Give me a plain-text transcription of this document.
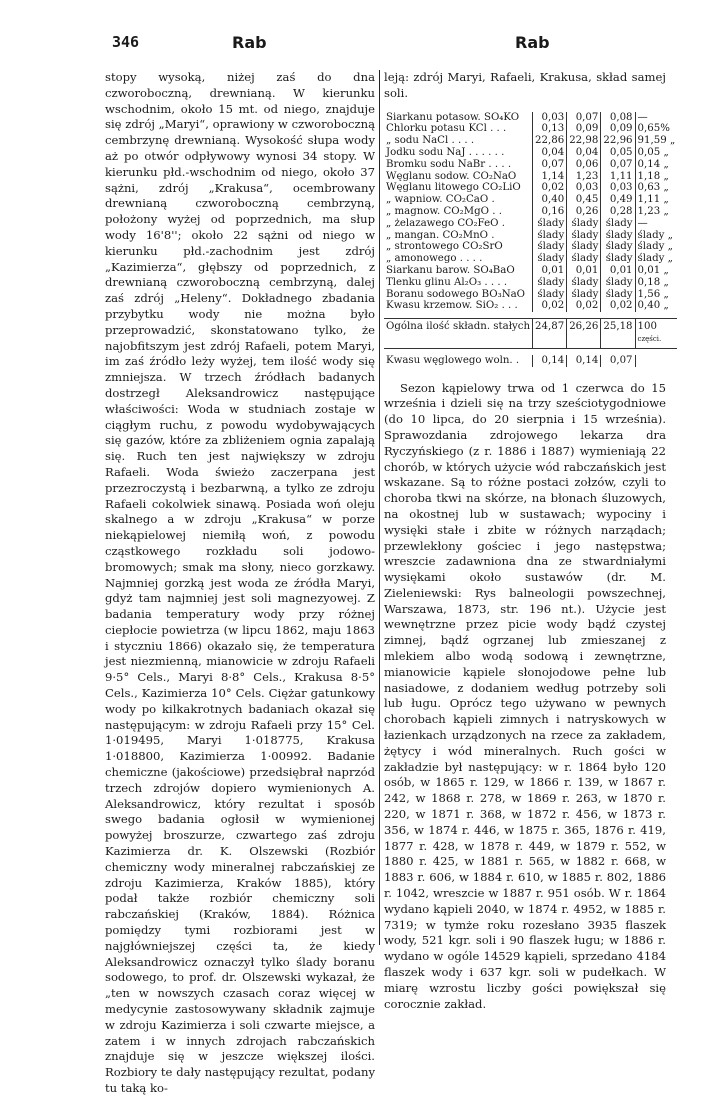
346	Rab	Rab

stopy wysoką, niżej zaś do dna czworoboczną, drewnianą. W kierunku wschodnim, około 15 mt. od niego, znajduje się zdrój „Maryi“, oprawiony w czworoboczną cembrzynę drewnianą. Wysokość słupa wody aż po otwór odpływowy wynosi 34 stopy. W kierunku płd.-wschodnim od niego, około 37 sążni, zdrój „Krakusa“, ocembrowany drewnianą czworoboczną cembrzyną, położony wyżej od poprzednich, ma słup wody 16'8''; około 22 sążni od niego w kierunku płd.-zachodnim jest zdrój „Kazimierza“, głębszy od poprzednich, z drewnianą czworoboczną cembrzyną, dalej zaś zdrój „Heleny“. Dokładnego zbadania przybytku wody nie można było przeprowadzić, skonstatowano tylko, że najobfitszym jest zdrój Rafaeli, potem Maryi, im zaś źródło leży wyżej, tem ilość wody się zmniejsza. W trzech źródłach badanych dostrzegł Aleksandrowicz następujące właściwości: Woda w studniach zostaje w ciągłym ruchu, z powodu wydobywających się gazów, które za zbliżeniem ognia zapalają się. Ruch ten jest największy w zdroju Rafaeli. Woda świeżo zaczerpana jest przezroczystą i bezbarwną, a tylko ze zdroju Rafaeli cokolwiek sinawą. Posiada woń oleju skalnego a w zdroju „Krakusa“ w porze niekąpielowej niemiłą woń, z powodu cząstkowego rozkładu soli jodowo-bromowych; smak ma słony, nieco gorzkawy. Najmniej gorzką jest woda ze źródła Maryi, gdyż tam najmniej jest soli magnezyowej. Z badania temperatury wody przy różnej ciepłocie powietrza (w lipcu 1862, maju 1863 i styczniu 1866) okazało się, że temperatura jest niezmienną, mianowicie w zdroju Rafaeli 9·5° Cels., Maryi 8·8° Cels., Krakusa 8·5° Cels., Kazimierza 10° Cels. Ciężar gatunkowy wody po kilkakrotnych badaniach okazał się następującym: w zdroju Rafaeli przy 15° Cel. 1·019495, Maryi 1·018775, Krakusa 1·018800, Kazimierza 1·00992. Badanie chemiczne (jakościowe) przedsiębrał naprzód trzech zdrojów dopiero wymienionych A. Aleksandrowicz, który rezultat i sposób swego badania ogłosił w wymienionej powyżej broszurze, czwartego zaś zdroju Kazimierza dr. K. Olszewski (Rozbiór chemiczny wody mineralnej rabczańskiej ze zdroju Kazimierza, Kraków 1885), który podał także rozbiór chemiczny soli rabczańskiej (Kraków, 1884). Różnica pomiędzy tymi rozbiorami jest w najgłówniejszej części ta, że kiedy Aleksandrowicz oznaczył tylko ślady boranu sodowego, to prof. dr. Olszewski wykazał, że „ten w nowszych czasach coraz więcej w medycynie zastosowywany składnik zajmuje w zdroju Kazimierza i soli czwarte miejsce, a zatem i w innych zdrojach rabczańskich znajduje się w jeszcze większej ilości. Rozbiory te dały następujący rezultat, podany tu taką ko-

leją: zdrój Maryi, Rafaeli, Krakusa, skład samej soli.

Siarkanu potasow. SO₄KO	0,03	0,07	0,08	—
Chlorku potasu KCl . . .	0,13	0,09	0,09	0,65%
„ sodu NaCl . . . .	22,86	22,98	22,96	91,59 „
Jodku sodu NaJ . . . . . .	0,04	0,04	0,05	0,05 „
Bromku sodu NaBr . . . .	0,07	0,06	0,07	0,14 „
Węglanu sodow. CO₂NaO	1,14	1,23	1,11	1,18 „
Węglanu litowego CO₂LiO	0,02	0,03	0,03	0,63 „
„ wapniow. CO₂CaO .	0,40	0,45	0,49	1,11 „
„ magnow. CO₂MgO . .	0,16	0,26	0,28	1,23 „
„ żelazawego CO₂FeO .	ślady	ślady	ślady	—
„ mangan. CO₂MnO .	ślady	ślady	ślady	ślady „
„ strontowego CO₂SrO	ślady	ślady	ślady	ślady „
„ amonowego . . . .	ślady	ślady	ślady	ślady „
Siarkanu barow. SO₄BaO	0,01	0,01	0,01	0,01 „
Tlenku glinu Al₂O₃ . . . .	ślady	ślady	ślady	0,18 „
Boranu sodowego BO₃NaO	ślady	ślady	ślady	1,56 „
Kwasu krzemow. SiO₂ . . .	0,02	0,02	0,02	0,40 „

Ogólna ilość składn. stałych	24,87	26,26	25,18	100
części.

Kwasu węglowego woln. .	0,14	0,14	0,07	

Sezon kąpielowy trwa od 1 czerwca do 15 września i dzieli się na trzy sześciotygodniowe (do 10 lipca, do 20 sierpnia i 15 września). Sprawozdania zdrojowego lekarza dra Ryczyńskiego (z r. 1886 i 1887) wymieniają 22 chorób, w których użycie wód rabczańskich jest wskazane. Są to różne postaci zołzów, czyli to choroba tkwi na skórze, na błonach śluzowych, na okostnej lub w sustawach; wypociny i wysięki stałe i zbite w różnych narządach; przewlekłony gościec i jego następstwa; wreszcie zadawniona dna ze stwardniałymi wysiękami około sustawów (dr. M. Zieleniewski: Rys balneologii powszechnej, Warszawa, 1873, str. 196 nt.). Użycie jest wewnętrzne przez picie wody bądź czystej zimnej, bądź ogrzanej lub zmieszanej z mlekiem albo wodą sodową i zewnętrzne, mianowicie kąpiele słonojodowe pełne lub nasiadowe, z dodaniem według potrzeby soli lub ługu. Oprócz tego używano w pewnych chorobach kąpieli zimnych i natryskowych w łazienkach urządzonych na rzece za zakładem, żętycy i wód mineralnych. Ruch gości w zakładzie był następujący: w r. 1864 było 120 osób, w 1865 r. 129, w 1866 r. 139, w 1867 r. 242, w 1868 r. 278, w 1869 r. 263, w 1870 r. 220, w 1871 r. 368, w 1872 r. 456, w 1873 r. 356, w 1874 r. 446, w 1875 r. 365, 1876 r. 419, 1877 r. 428, w 1878 r. 449, w 1879 r. 552, w 1880 r. 425, w 1881 r. 565, w 1882 r. 668, w 1883 r. 606, w 1884 r. 610, w 1885 r. 802, 1886 r. 1042, wreszcie w 1887 r. 951 osób. W r. 1864 wydano kąpieli 2040, w 1874 r. 4952, w 1885 r. 7319; w tymże roku rozesłano 3935 flaszek wody, 521 kgr. soli i 90 flaszek ługu; w 1886 r. wydano w ogóle 14529 kąpieli, sprzedano 4184 flaszek wody i 637 kgr. soli w pudełkach. W miarę wzrostu liczby gości powiększał się corocznie zakład.
